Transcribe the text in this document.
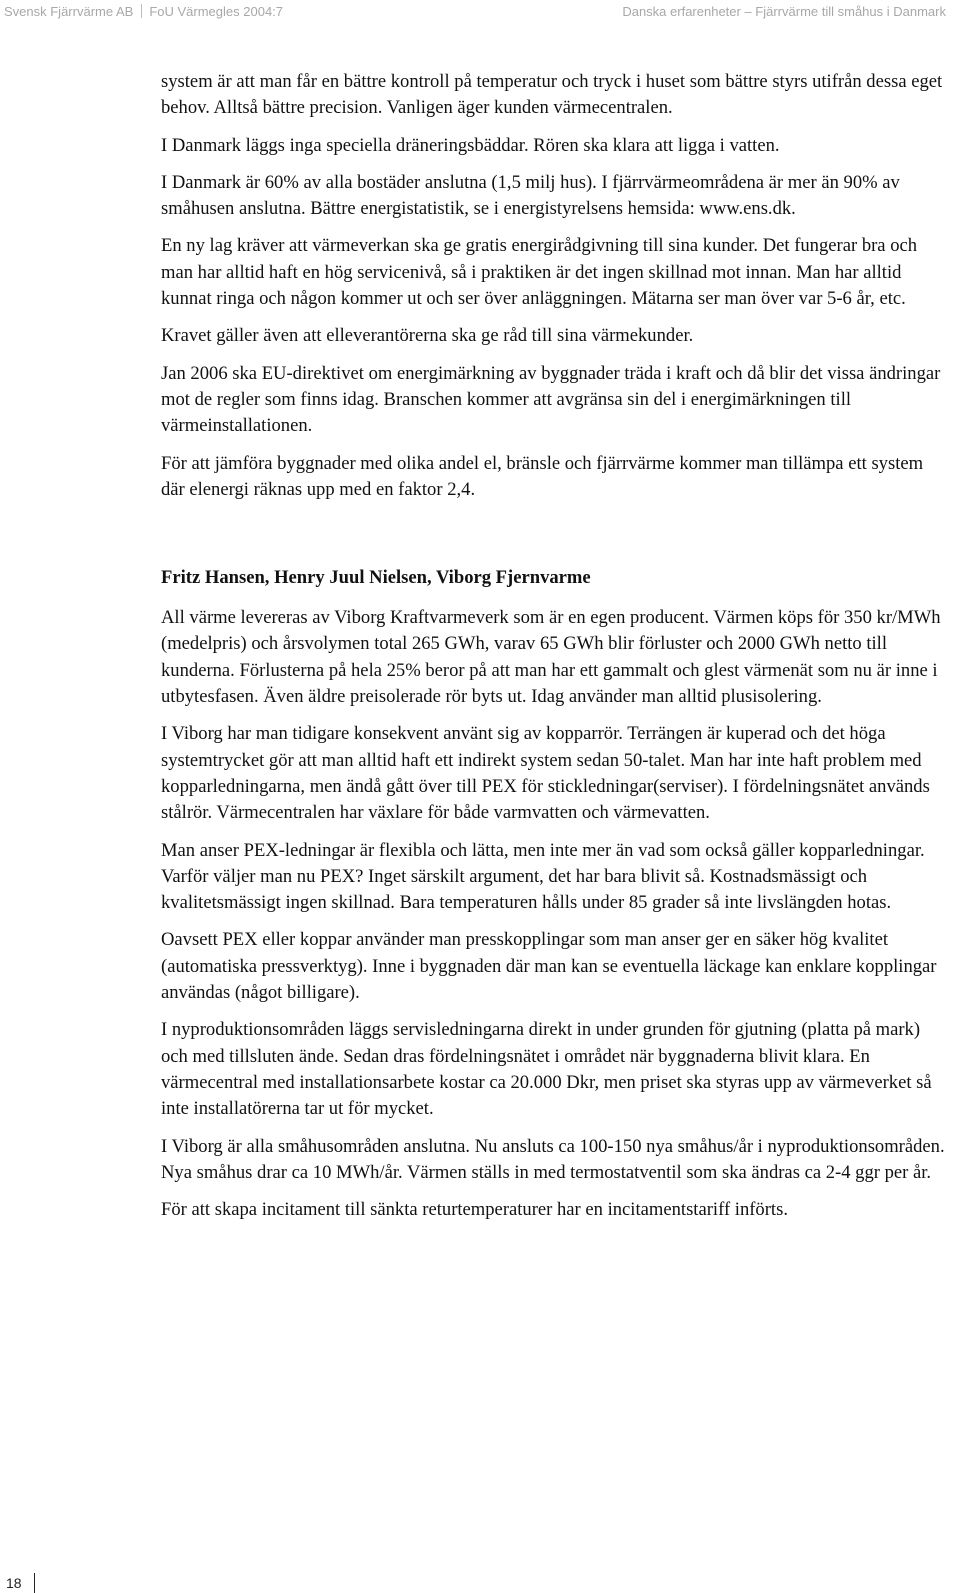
Svensk Fjärrvärme AB FoU Värmegles 2004:7	Danska erfarenheter – Fjärrvärme till småhus i Danmark

system är att man får en bättre kontroll på temperatur och tryck i huset som bättre styrs utifrån dessa eget behov. Alltså bättre precision. Vanligen äger kunden värmecentralen.

I Danmark läggs inga speciella dräneringsbäddar. Rören ska klara att ligga i vatten.

I Danmark är 60% av alla bostäder anslutna (1,5 milj hus). I fjärrvärmeområdena är mer än 90% av småhusen anslutna. Bättre energistatistik, se i energistyrelsens hemsida: www.ens.dk.

En ny lag kräver att värmeverkan ska ge gratis energirådgivning till sina kunder. Det fungerar bra och man har alltid haft en hög servicenivå, så i praktiken är det ingen skillnad mot innan. Man har alltid kunnat ringa och någon kommer ut och ser över anläggningen. Mätarna ser man över var 5-6 år, etc.

Kravet gäller även att elleverantörerna ska ge råd till sina värmekunder.

Jan 2006 ska EU-direktivet om energimärkning av byggnader träda i kraft och då blir det vissa ändringar mot de regler som finns idag. Branschen kommer att avgränsa sin del i energimärkningen till värmeinstallationen.

För att jämföra byggnader med olika andel el, bränsle och fjärrvärme kommer man tillämpa ett system där elenergi räknas upp med en faktor 2,4.

Fritz Hansen, Henry Juul Nielsen, Viborg Fjernvarme

All värme levereras av Viborg Kraftvarmeverk som är en egen producent. Värmen köps för 350 kr/MWh (medelpris) och årsvolymen total 265 GWh, varav 65 GWh blir förluster och 2000 GWh netto till kunderna. Förlusterna på hela 25% beror på att man har ett gammalt och glest värmenät som nu är inne i utbytesfasen. Även äldre preisolerade rör byts ut. Idag använder man alltid plusisolering.

I Viborg har man tidigare konsekvent använt sig av kopparrör. Terrängen är kuperad och det höga systemtrycket gör att man alltid haft ett indirekt system sedan 50-talet. Man har inte haft problem med kopparledningarna, men ändå gått över till PEX för stickledningar(serviser). I fördelningsnätet används stålrör. Värmecentralen har växlare för både varmvatten och värmevatten.

Man anser PEX-ledningar är flexibla och lätta, men inte mer än vad som också gäller kopparledningar. Varför väljer man nu PEX? Inget särskilt argument, det har bara blivit så. Kostnadsmässigt och kvalitetsmässigt ingen skillnad. Bara temperaturen hålls under 85 grader så inte livslängden hotas.

Oavsett PEX eller koppar använder man presskopplingar som man anser ger en säker hög kvalitet (automatiska pressverktyg). Inne i byggnaden där man kan se eventuella läckage kan enklare kopplingar användas (något billigare).

I nyproduktionsområden läggs servisledningarna direkt in under grunden för gjutning (platta på mark) och med tillsluten ände. Sedan dras fördelningsnätet i området när byggnaderna blivit klara. En värmecentral med installationsarbete kostar ca 20.000 Dkr, men priset ska styras upp av värmeverket så inte installatörerna tar ut för mycket.

I Viborg är alla småhusområden anslutna. Nu ansluts ca 100-150 nya småhus/år i nyproduktionsområden. Nya småhus drar ca 10 MWh/år. Värmen ställs in med termostatventil som ska ändras ca 2-4 ggr per år.

För att skapa incitament till sänkta returtemperaturer har en incitamentstariff införts.

18
